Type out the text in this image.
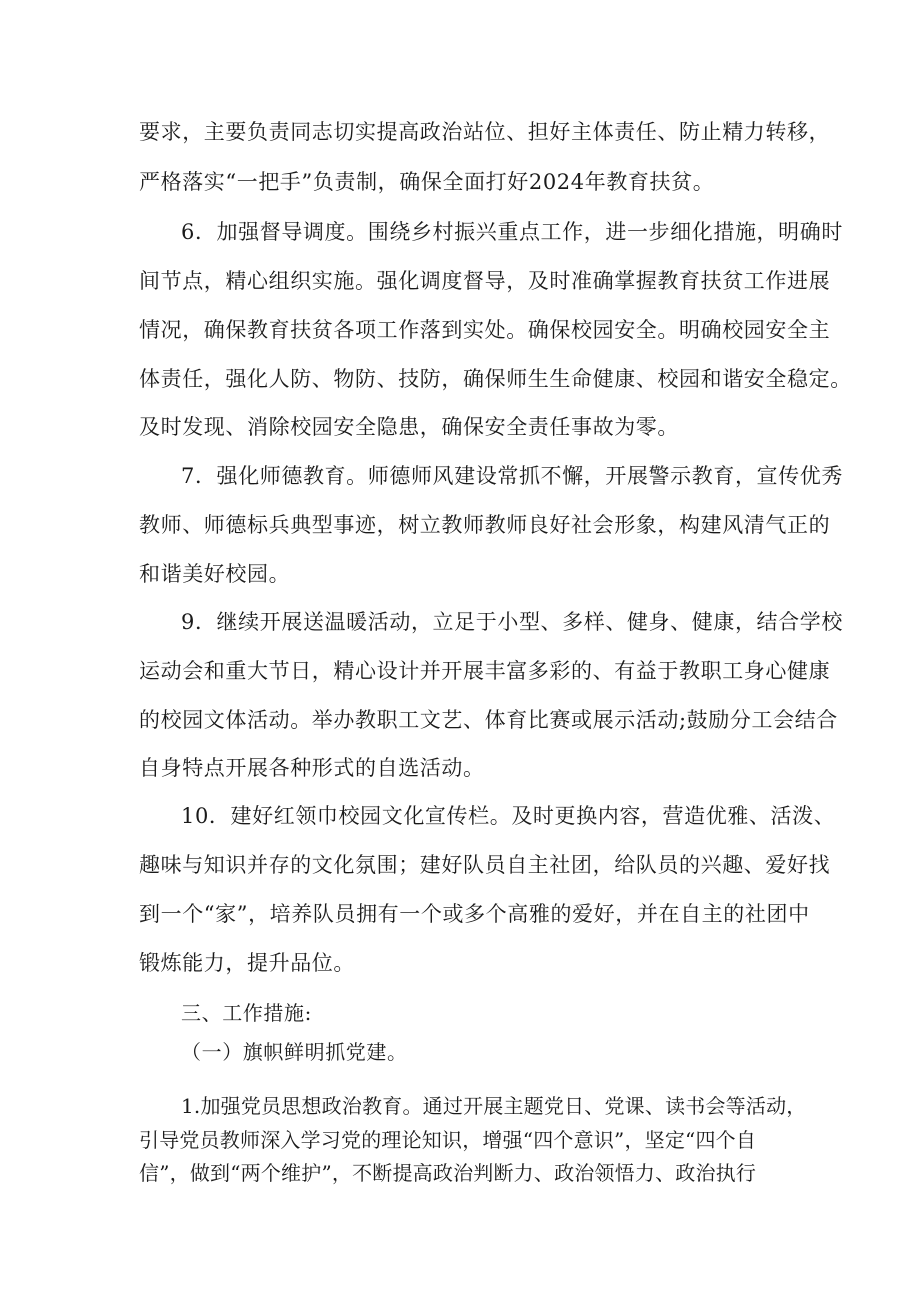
要求，主要负责同志切实提高政治站位、担好主体责任、防止精力转移，
严格落实“一把手”负责制，确保全面打好2024年教育扶贫。
6．加强督导调度。围绕乡村振兴重点工作，进一步细化措施，明确时
间节点，精心组织实施。强化调度督导，及时准确掌握教育扶贫工作进展
情况，确保教育扶贫各项工作落到实处。确保校园安全。明确校园安全主
体责任，强化人防、物防、技防，确保师生生命健康、校园和谐安全稳定。
及时发现、消除校园安全隐患，确保安全责任事故为零。
7．强化师德教育。师德师风建设常抓不懈，开展警示教育，宣传优秀
教师、师德标兵典型事迹，树立教师教师良好社会形象，构建风清气正的
和谐美好校园。
9．继续开展送温暖活动，立足于小型、多样、健身、健康，结合学校
运动会和重大节日，精心设计并开展丰富多彩的、有益于教职工身心健康
的校园文体活动。举办教职工文艺、体育比赛或展示活动;鼓励分工会结合
自身特点开展各种形式的自选活动。
10．建好红领巾校园文化宣传栏。及时更换内容，营造优雅、活泼、
趣味与知识并存的文化氛围；建好队员自主社团，给队员的兴趣、爱好找
到一个“家”，培养队员拥有一个或多个高雅的爱好，并在自主的社团中
锻炼能力，提升品位。
三、工作措施:
（一）旗帜鲜明抓党建。
1.加强党员思想政治教育。通过开展主题党日、党课、读书会等活动，
引导党员教师深入学习党的理论知识，增强“四个意识”，坚定“四个自
信”，做到“两个维护”，不断提高政治判断力、政治领悟力、政治执行
